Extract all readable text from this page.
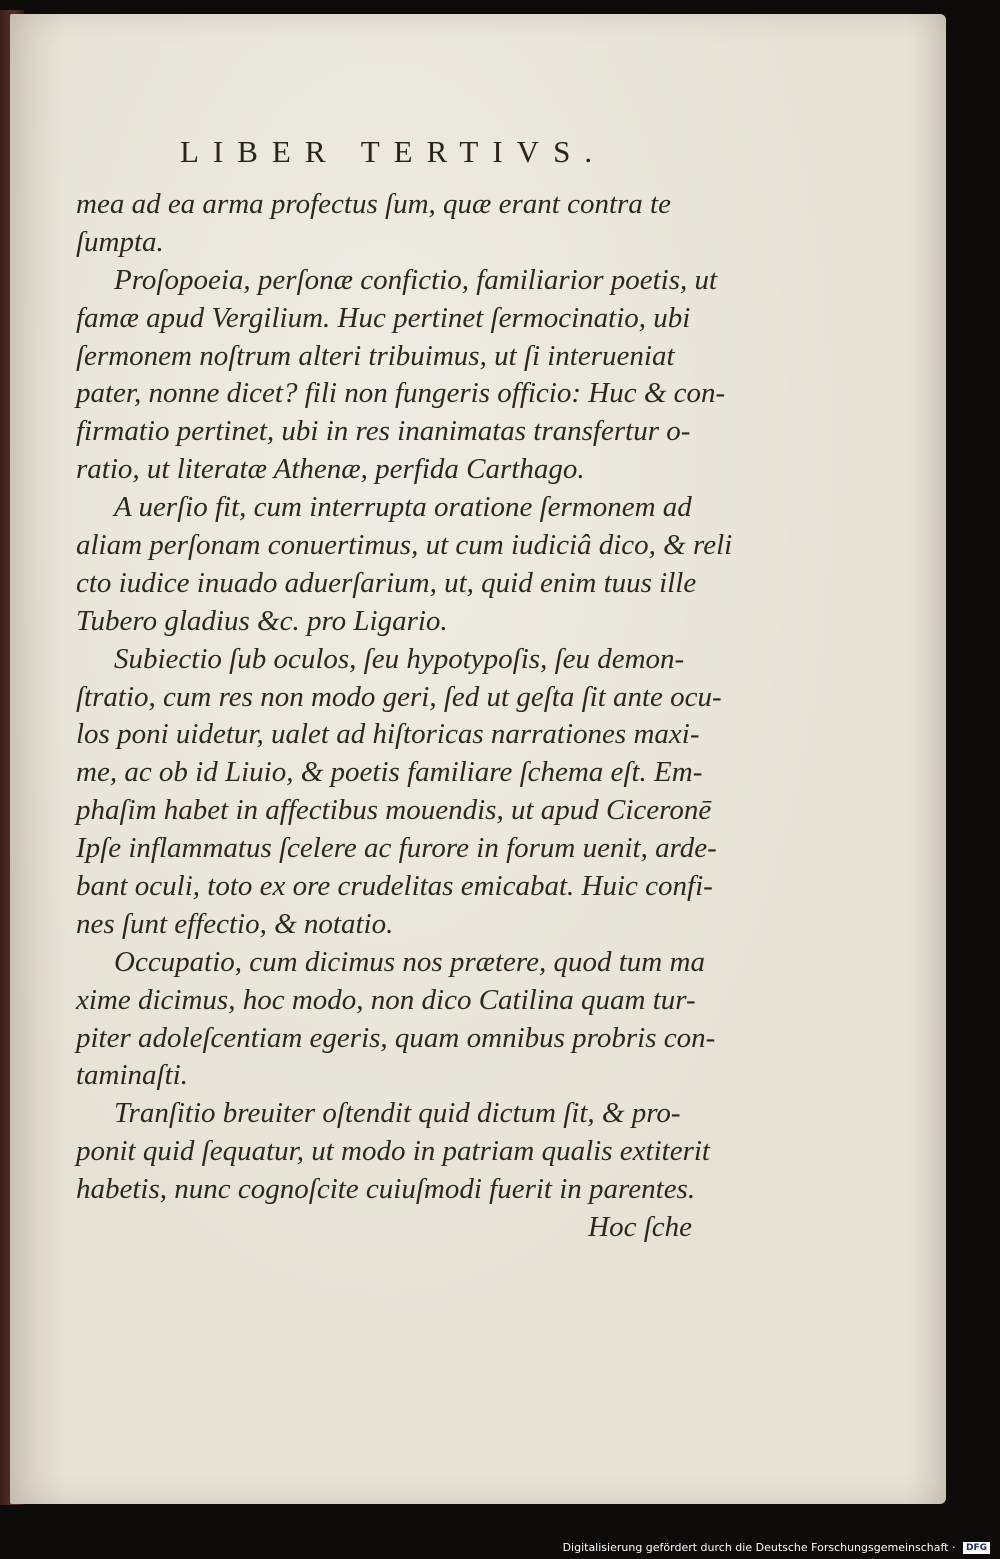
LIBER TERTIVS.
mea ad ea arma profectus ſum, quæ erant contra te
ſumpta.
Proſopoeia, perſonæ confictio, familiarior poetis, ut
famæ apud Vergilium. Huc pertinet ſermocinatio, ubi
ſermonem noſtrum alteri tribuimus, ut ſi interueniat
pater, nonne dicet? fili non fungeris officio: Huc & con-
firmatio pertinet, ubi in res inanimatas transfertur o-
ratio, ut literatæ Athenæ, perfida Carthago.
A uerſio fit, cum interrupta oratione ſermonem ad
aliam perſonam conuertimus, ut cum iudiciâ dico, & reli
cto iudice inuado aduerſarium, ut, quid enim tuus ille
Tubero gladius &c. pro Ligario.
Subiectio ſub oculos, ſeu hypotypoſis, ſeu demon-
ſtratio, cum res non modo geri, ſed ut geſta ſit ante ocu-
los poni uidetur, ualet ad hiſtoricas narrationes maxi-
me, ac ob id Liuio, & poetis familiare ſchema eſt. Em-
phaſim habet in affectibus mouendis, ut apud Ciceronē
Ipſe inflammatus ſcelere ac furore in forum uenit, arde-
bant oculi, toto ex ore crudelitas emicabat. Huic confi-
nes ſunt effectio, & notatio.
Occupatio, cum dicimus nos prætere, quod tum ma
xime dicimus, hoc modo, non dico Catilina quam tur-
piter adoleſcentiam egeris, quam omnibus probris con-
taminaſti.
Tranſitio breuiter oſtendit quid dictum ſit, & pro-
ponit quid ſequatur, ut modo in patriam qualis extiterit
habetis, nunc cognoſcite cuiuſmodi fuerit in parentes.
Hoc ſche
Digitalisierung gefördert durch die Deutsche Forschungsgemeinschaft · DFG
